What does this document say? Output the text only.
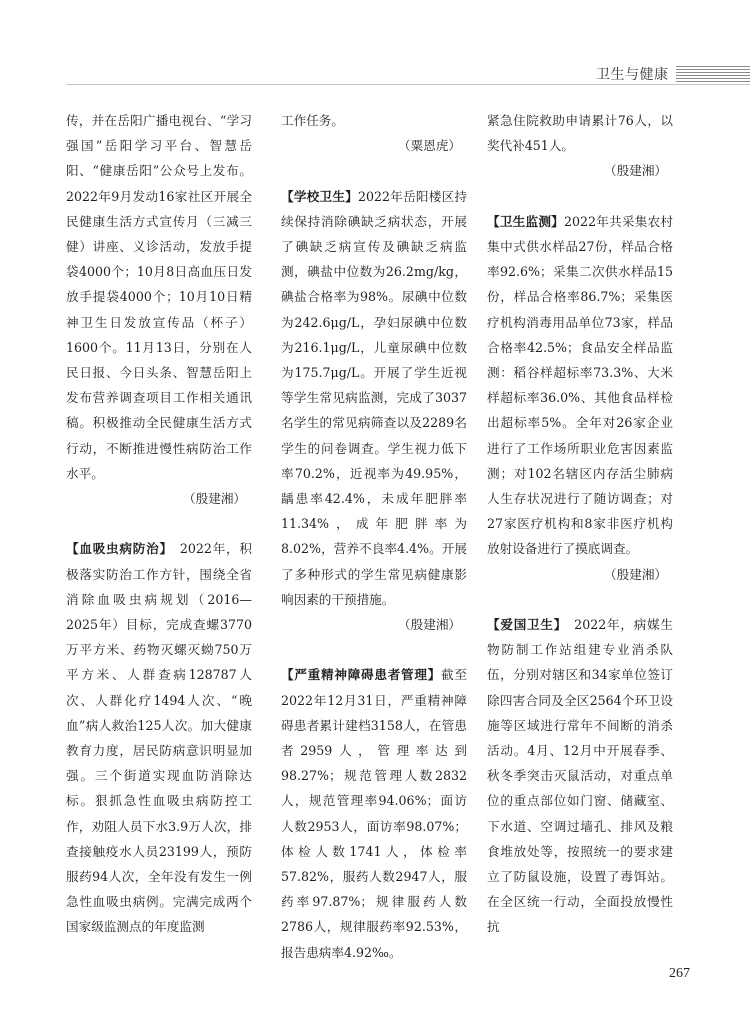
卫生与健康

传，并在岳阳广播电视台、“学习强国”岳阳学习平台、智慧岳阳、“健康岳阳”公众号上发布。2022年9月发动16家社区开展全民健康生活方式宣传月（三减三健）讲座、义诊活动，发放手提袋4000个；10月8日高血压日发放手提袋4000个；10月10日精神卫生日发放宣传品（杯子）1600个。11月13日，分别在人民日报、今日头条、智慧岳阳上发布营养调查项目工作相关通讯稿。积极推动全民健康生活方式行动，不断推进慢性病防治工作水平。

（殷建湘）

【血吸虫病防治】　2022年，积极落实防治工作方针，围绕全省消除血吸虫病规划（2016—2025年）目标，完成查螺3770万平方米、药物灭螺灭蚴750万平方米、人群查病128787人次、人群化疗1494人次、“晚血”病人救治125人次。加大健康教育力度，居民防病意识明显加强。三个街道实现血防消除达标。狠抓急性血吸虫病防控工作，劝阻人员下水3.9万人次，排查接触疫水人员23199人，预防服药94人次，全年没有发生一例急性血吸虫病例。完满完成两个国家级监测点的年度监测

工作任务。

（粟恩虎）

【学校卫生】2022年岳阳楼区持续保持消除碘缺乏病状态，开展了碘缺乏病宣传及碘缺乏病监测，碘盐中位数为26.2mg/kg，碘盐合格率为98%。尿碘中位数为242.6μg/L，孕妇尿碘中位数为216.1μg/L，儿童尿碘中位数为175.7μg/L。开展了学生近视等学生常见病监测，完成了3037名学生的常见病筛查以及2289名学生的问卷调查。学生视力低下率70.2%，近视率为49.95%，龋患率42.4%，未成年肥胖率11.34%，成年肥胖率为8.02%，营养不良率4.4%。开展了多种形式的学生常见病健康影响因素的干预措施。

（殷建湘）

【严重精神障碍患者管理】截至2022年12月31日，严重精神障碍患者累计建档3158人，在管患者2959人，管理率达到98.27%；规范管理人数2832人，规范管理率94.06%；面访人数2953人，面访率98.07%；体检人数1741人，体检率57.82%，服药人数2947人，服药率97.87%；规律服药人数2786人，规律服药率92.53%，报告患病率4.92‰。

紧急住院救助申请累计76人，以奖代补451人。

（殷建湘）

【卫生监测】2022年共采集农村集中式供水样品27份，样品合格率92.6%；采集二次供水样品15份，样品合格率86.7%；采集医疗机构消毒用品单位73家，样品合格率42.5%；食品安全样品监测：稻谷样超标率73.3%、大米样超标率36.0%、其他食品样检出超标率5%。全年对26家企业进行了工作场所职业危害因素监测；对102名辖区内存活尘肺病人生存状况进行了随访调查；对27家医疗机构和8家非医疗机构放射设备进行了摸底调查。

（殷建湘）

【爱国卫生】　2022年，病媒生物防制工作站组建专业消杀队伍，分别对辖区和34家单位签订除四害合同及全区2564个环卫设施等区域进行常年不间断的消杀活动。4月、12月中开展春季、秋冬季突击灭鼠活动，对重点单位的重点部位如门窗、储藏室、下水道、空调过墙孔、排风及粮食堆放处等，按照统一的要求建立了防鼠设施，设置了毒饵站。在全区统一行动，全面投放慢性抗

267
